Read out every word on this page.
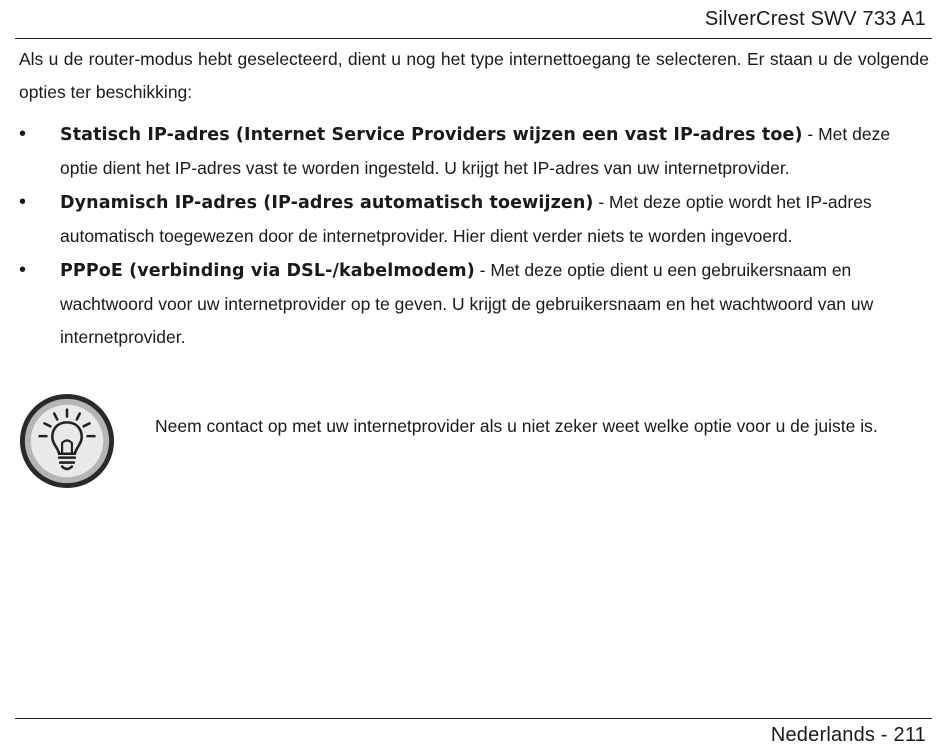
SilverCrest SWV 733 A1

Als u de router-modus hebt geselecteerd, dient u nog het type internettoegang te selecteren. Er staan u de volgende opties ter beschikking:

• Statisch IP-adres (Internet Service Providers wijzen een vast IP-adres toe) - Met deze optie dient het IP-adres vast te worden ingesteld. U krijgt het IP-adres van uw internetprovider.
• Dynamisch IP-adres (IP-adres automatisch toewijzen) - Met deze optie wordt het IP-adres automatisch toegewezen door de internetprovider. Hier dient verder niets te worden ingevoerd.
• PPPoE (verbinding via DSL-/kabelmodem) - Met deze optie dient u een gebruikersnaam en wachtwoord voor uw internetprovider op te geven. U krijgt de gebruikersnaam en het wachtwoord van uw internetprovider.

Neem contact op met uw internetprovider als u niet zeker weet welke optie voor u de juiste is.

Nederlands - 211
